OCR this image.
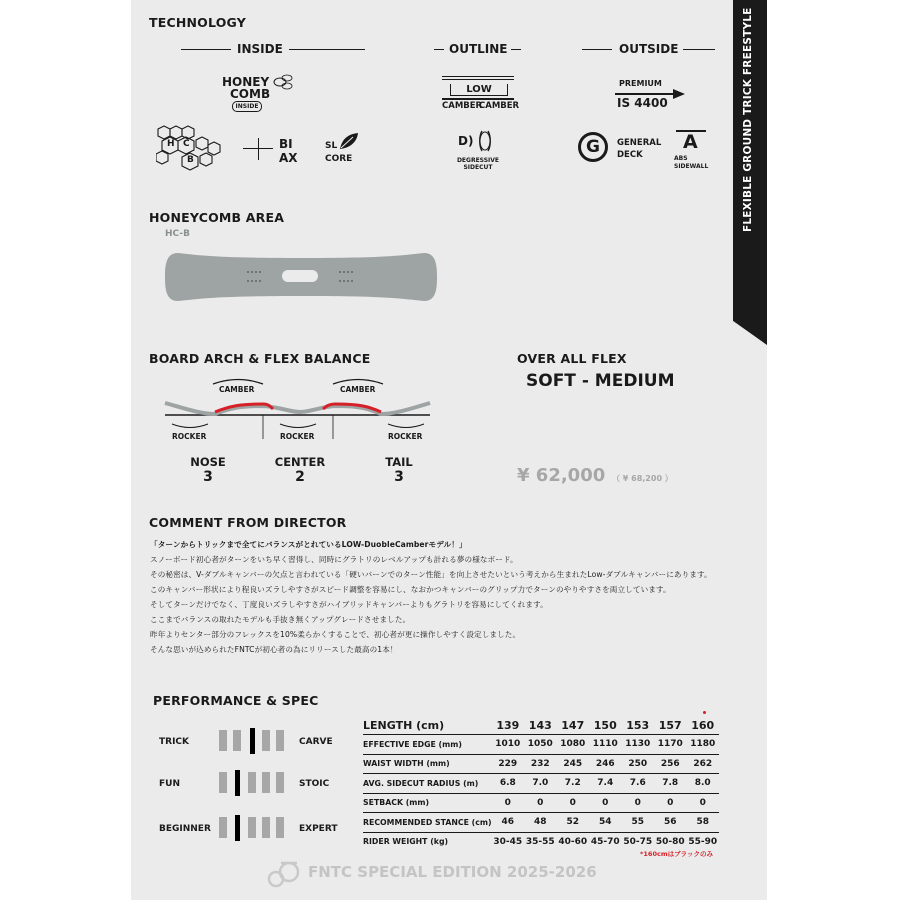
FLEXIBLE GROUND TRICK FREESTYLE
TECHNOLOGY
INSIDE	OUTLINE	OUTSIDE
HONEY
COMB
INSIDE
H C
B
BI
AX
SL
CORE
LOW
CAMBER
CAMBER
D)
DEGRESSIVE
SIDECUT
PREMIUM
IS 4400
G	GENERAL
DECK
A
ABS
SIDEWALL
HONEYCOMB AREA
HC-B
BOARD ARCH & FLEX BALANCE
CAMBER	CAMBER
ROCKER	ROCKER	ROCKER
NOSE
3
CENTER
2
TAIL
3
OVER ALL FLEX
SOFT - MEDIUM
¥ 62,000 （ ¥ 68,200 ）
COMMENT FROM DIRECTOR
「ターンからトリックまで全てにバランスがとれているLOW-DuobleCamberモデル！」
スノーボード初心者がターンをいち早く習得し、同時にグラトリのレベルアップも計れる夢の様なボード。
その秘密は、V-ダブルキャンバーの欠点と言われている「硬いバーンでのターン性能」を向上させたいという考えから生まれたLow-ダブルキャンバーにあります。
このキャンバー形状により程良いズラしやすさがスピード調整を容易にし、なおかつキャンバーのグリップ力でターンのやりやすさを両立しています。
そしてターンだけでなく、丁度良いズラしやすさがハイブリッドキャンバーよりもグラトリを容易にしてくれます。
ここまでバランスの取れたモデルも手抜き無くアップグレードさせました。
昨年よりセンター部分のフレックスを10%柔らかくすることで、初心者が更に操作しやすく設定しました。
そんな思いが込められたFNTCが初心者の為にリリースした最高の1本！
PERFORMANCE & SPEC
TRICK	CARVE
FUN	STOIC
BEGINNER	EXPERT
LENGTH (cm)	139	143	147	150	153	157	160
EFFECTIVE EDGE (mm)	1010	1050	1080	1110	1130	1170	1180
WAIST WIDTH (mm)	229	232	245	246	250	256	262
AVG. SIDECUT RADIUS (m)	6.8	7.0	7.2	7.4	7.6	7.8	8.0
SETBACK (mm)	0	0	0	0	0	0	0
RECOMMENDED STANCE (cm)	46	48	52	54	55	56	58
RIDER WEIGHT (kg)	30-45	35-55	40-60	45-70	50-75	50-80	55-90
*160cmはブラックのみ
FNTC SPECIAL EDITION 2025-2026
